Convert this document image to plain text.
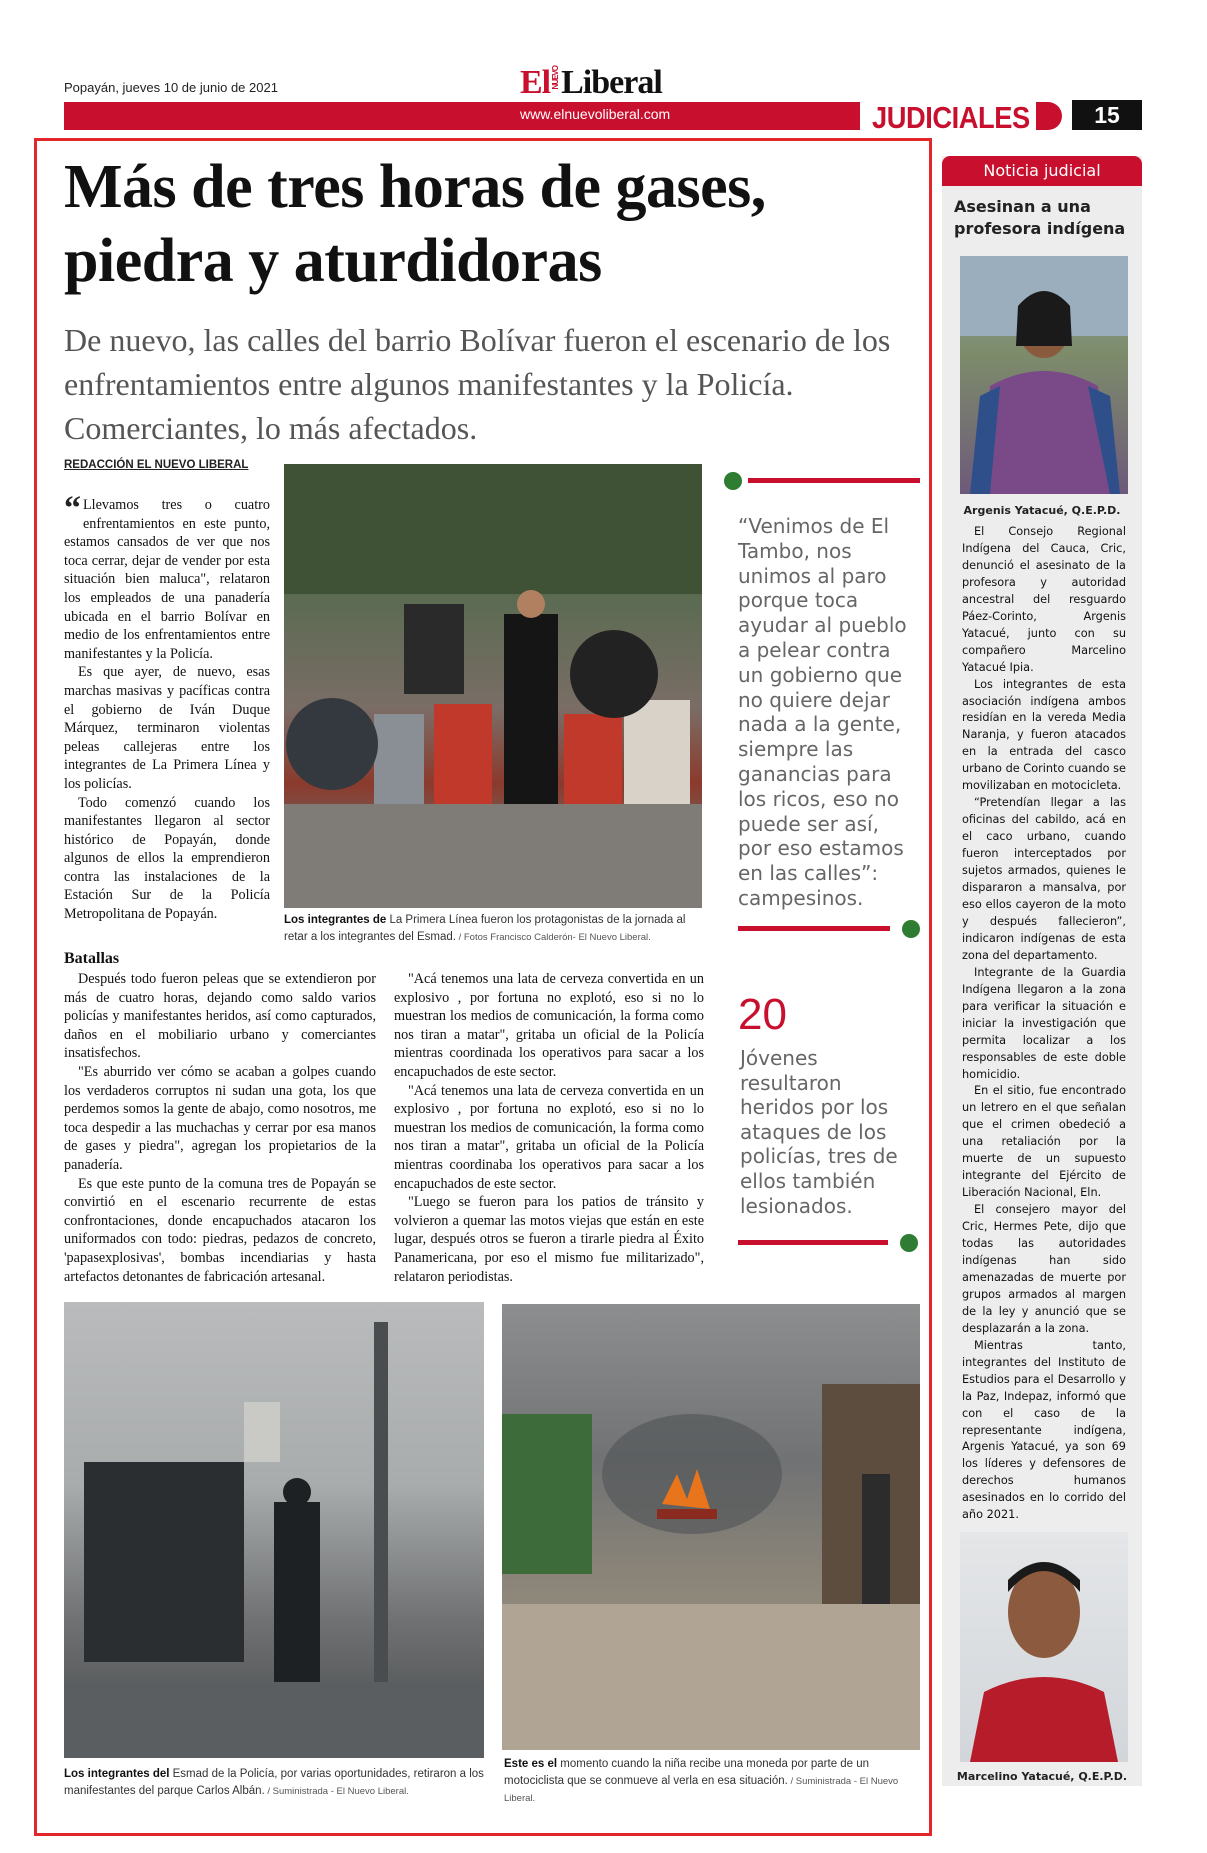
Popayán, jueves 10 de junio de 2021	ElNUEVOLiberal
www.elnuevoliberal.com	JUDICIALES	15
Más de tres horas de gases, piedra y aturdidoras
De nuevo, las calles del barrio Bolívar fueron el escenario de los enfrentamientos entre algunos manifestantes y la Policía. Comerciantes, lo más afectados.
REDACCIÓN EL NUEVO LIBERAL

“ Llevamos tres o cuatro enfrentamientos en este punto, estamos cansados de ver que nos toca cerrar, dejar de vender por esta situación bien maluca", relataron los empleados de una panadería ubicada en el barrio Bolívar en medio de los enfrentamientos entre manifestantes y la Policía.

Es que ayer, de nuevo, esas marchas masivas y pacíficas contra el gobierno de Iván Duque Márquez, terminaron violentas peleas callejeras entre los integrantes de La Primera Línea y los policías.

Todo comenzó cuando los manifestantes llegaron al sector histórico de Popayán, donde algunos de ellos la emprendieron contra las instalaciones de la Estación Sur de la Policía Metropolitana de Popayán.	Los integrantes de La Primera Línea fueron los protagonistas de la jornada al retar a los integrantes del Esmad. / Fotos Francisco Calderón- El Nuevo Liberal.
Batallas

Después todo fueron peleas que se extendieron por más de cuatro horas, dejando como saldo varios policías y manifestantes heridos, así como capturados, daños en el mobiliario urbano y comerciantes insatisfechos.

"Es aburrido ver cómo se acaban a golpes cuando los verdaderos corruptos ni sudan una gota, los que perdemos somos la gente de abajo, como nosotros, me toca despedir a las muchachas y cerrar por esa manos de gases y piedra", agregan los propietarios de la panadería.

Es que este punto de la comuna tres de Popayán se convirtió en el escenario recurrente de estas confrontaciones, donde encapuchados atacaron los uniformados con todo: piedras, pedazos de concreto, 'papasexplosivas', bombas incendiarias y hasta artefactos detonantes de fabricación artesanal.

"Acá tenemos una lata de cerveza convertida en un explosivo , por fortuna no explotó, eso si no lo muestran los medios de comunicación, la forma como nos tiran a matar", gritaba un oficial de la Policía mientras coordinada los operativos para sacar a los encapuchados de este sector.

"Acá tenemos una lata de cerveza convertida en un explosivo , por fortuna no explotó, eso si no lo muestran los medios de comunicación, la forma como nos tiran a matar", gritaba un oficial de la Policía mientras coordinaba los operativos para sacar a los encapuchados de este sector.

"Luego se fueron para los patios de tránsito y volvieron a quemar las motos viejas que están en este lugar, después otros se fueron a tirarle piedra al Éxito Panamericana, por eso el mismo fue militarizado", relataron periodistas.

“Venimos de El Tambo, nos unimos al paro porque toca ayudar al pueblo a pelear contra un gobierno que no quiere dejar nada a la gente, siempre las ganancias para los ricos, eso no puede ser así, por eso estamos en las calles”: campesinos.
20
Jóvenes resultaron heridos por los ataques de los policías, tres de ellos también lesionados.
Los integrantes del Esmad de la Policía, por varias oportunidades, retiraron a los manifestantes del parque Carlos Albán. / Suministrada - El Nuevo Liberal.
Este es el momento cuando la niña recibe una moneda por parte de un motociclista que se conmueve al verla en esa situación. / Suministrada - El Nuevo Liberal.
Noticia judicial
Asesinan a una profesora indígena
Argenis Yatacué, Q.E.P.D.

El Consejo Regional Indígena del Cauca, Cric, denunció el asesinato de la profesora y autoridad ancestral del resguardo Páez-Corinto, Argenis Yatacué, junto con su compañero Marcelino Yatacué Ipia.

Los integrantes de esta asociación indígena ambos residían en la vereda Media Naranja, y fueron atacados en la entrada del casco urbano de Corinto cuando se movilizaban en motocicleta.

“Pretendían llegar a las oficinas del cabildo, acá en el caco urbano, cuando fueron interceptados por sujetos armados, quienes le dispararon a mansalva, por eso ellos cayeron de la moto y después fallecieron”, indicaron indígenas de esta zona del departamento.

Integrante de la Guardia Indígena llegaron a la zona para verificar la situación e iniciar la investigación que permita localizar a los responsables de este doble homicidio.

En el sitio, fue encontrado un letrero en el que señalan que el crimen obedeció a una retaliación por la muerte de un supuesto integrante del Ejército de Liberación Nacional, Eln.

El consejero mayor del Cric, Hermes Pete, dijo que todas las autoridades indígenas han sido amenazadas de muerte por grupos armados al margen de la ley y anunció que se desplazarán a la zona.

Mientras tanto, integrantes del Instituto de Estudios para el Desarrollo y la Paz, Indepaz, informó que con el caso de la representante indígena, Argenis Yatacué, ya son 69 los líderes y defensores de derechos humanos asesinados en lo corrido del año 2021.

Marcelino Yatacué, Q.E.P.D.
